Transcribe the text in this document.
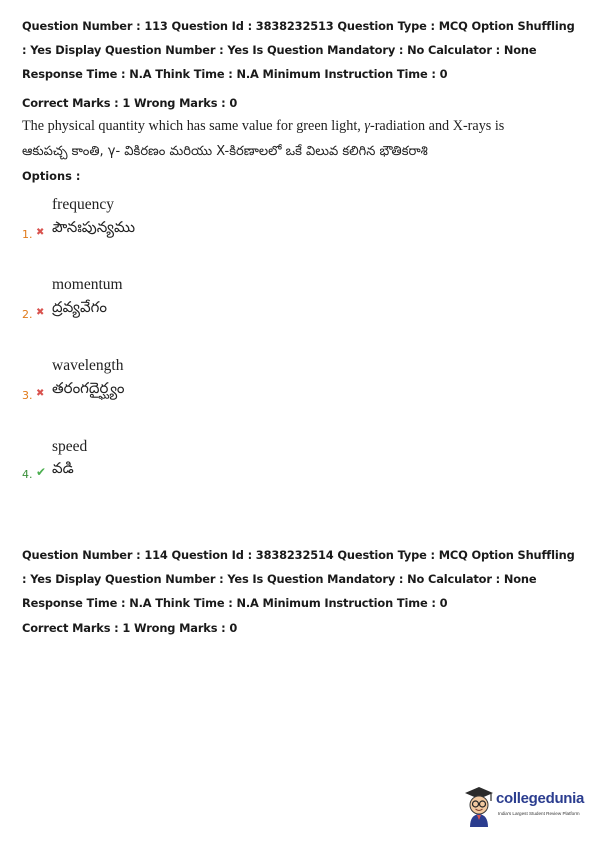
Question Number : 113 Question Id : 3838232513 Question Type : MCQ Option Shuffling : Yes Display Question Number : Yes Is Question Mandatory : No Calculator : None Response Time : N.A Think Time : N.A Minimum Instruction Time : 0
Correct Marks : 1 Wrong Marks : 0
The physical quantity which has same value for green light, γ-radiation and X-rays is
ఆకుపచ్చ కాంతి, γ- వికిరణం మరియు X-కిరణాలలో ఒకే విలువ కలిగిన భౌతికరాశి
Options :
frequency
1. ✖ పౌనఃపున్యము
momentum
2. ✖ ద్రవ్యవేగం
wavelength
3. ✖ తరంగదైర్ఘ్యం
speed
4. ✔ వడి
Question Number : 114 Question Id : 3838232514 Question Type : MCQ Option Shuffling : Yes Display Question Number : Yes Is Question Mandatory : No Calculator : None Response Time : N.A Think Time : N.A Minimum Instruction Time : 0
Correct Marks : 1 Wrong Marks : 0
collegedunia
India's Largest Student Review Platform
